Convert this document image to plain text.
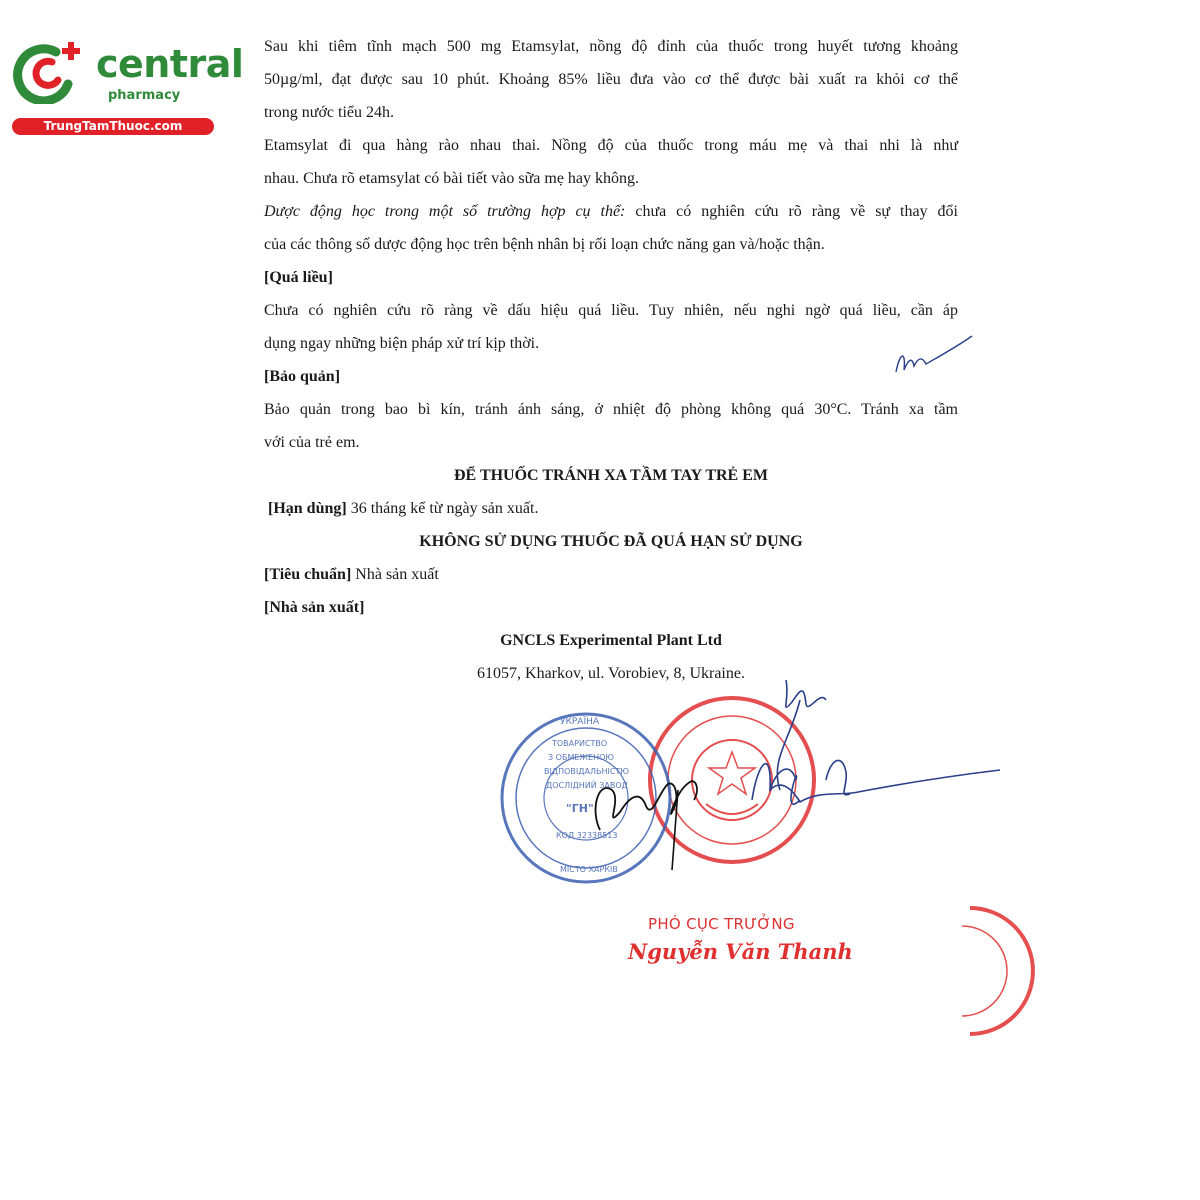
central
pharmacy
TrungTamThuoc.com

Sau khi tiêm tĩnh mạch 500 mg Etamsylat, nồng độ đỉnh của thuốc trong huyết tương khoảng

50µg/ml, đạt được sau 10 phút. Khoảng 85% liều đưa vào cơ thể được bài xuất ra khỏi cơ thể

trong nước tiểu 24h.

Etamsylat đi qua hàng rào nhau thai. Nồng độ của thuốc trong máu mẹ và thai nhi là như

nhau. Chưa rõ etamsylat có bài tiết vào sữa mẹ hay không.

Dược động học trong một số trường hợp cụ thể: chưa có nghiên cứu rõ ràng về sự thay đổi

của các thông số dược động học trên bệnh nhân bị rối loạn chức năng gan và/hoặc thận.

[Quá liều]

Chưa có nghiên cứu rõ ràng về dấu hiệu quá liều. Tuy nhiên, nếu nghi ngờ quá liều, cần áp

dụng ngay những biện pháp xử trí kịp thời.

[Bảo quản]

Bảo quản trong bao bì kín, tránh ánh sáng, ở nhiệt độ phòng không quá 30°C. Tránh xa tầm

với của trẻ em.

ĐỂ THUỐC TRÁNH XA TẦM TAY TRẺ EM

[Hạn dùng] 36 tháng kể từ ngày sản xuất.

KHÔNG SỬ DỤNG THUỐC ĐÃ QUÁ HẠN SỬ DỤNG

[Tiêu chuẩn] Nhà sản xuất

[Nhà sản xuất]

GNCLS Experimental Plant Ltd

61057, Kharkov, ul. Vorobiev, 8, Ukraine.

ТОВАРИСТВО
З ОБМЕЖЕНОЮ
ВІДПОВІДАЛЬНІСТЮ
ДОСЛІДНИЙ ЗАВОД
"ГН"
КОД 32338513
МІСТО ХАРКІВ
УКРАЇНА
PHÓ CỤC TRƯỞNG
Nguyễn Văn Thanh
